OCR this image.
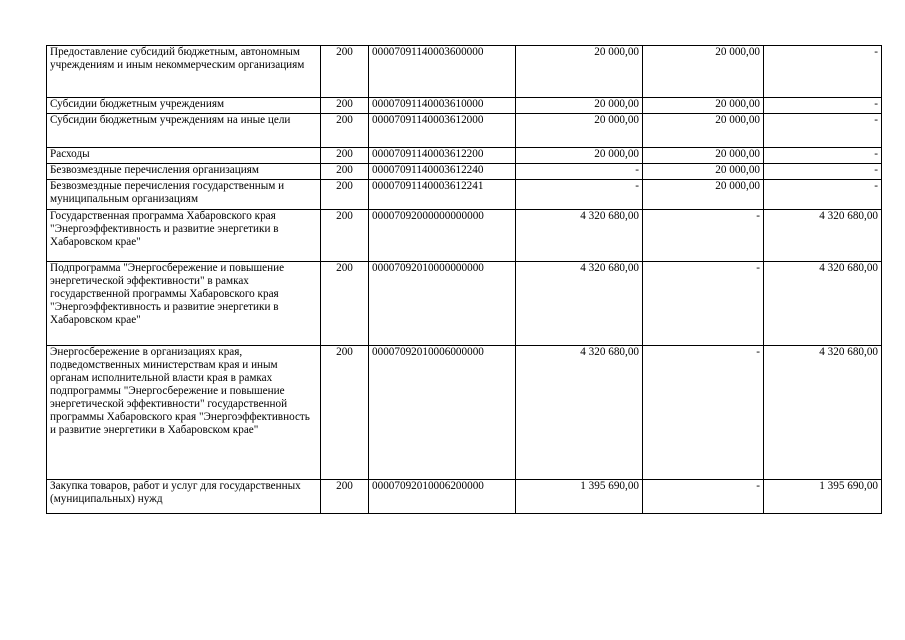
Предоставление субсидий бюджетным, автономным учреждениям и иным некоммерческим организациям	200	00007091140003600000	20 000,00	20 000,00	-
Субсидии бюджетным учреждениям	200	00007091140003610000	20 000,00	20 000,00	-
Субсидии бюджетным учреждениям на иные цели	200	00007091140003612000	20 000,00	20 000,00	-
Расходы	200	00007091140003612200	20 000,00	20 000,00	-
Безвозмездные перечисления организациям	200	00007091140003612240	-	20 000,00	-
Безвозмездные перечисления государственным и муниципальным организациям	200	00007091140003612241	-	20 000,00	-
Государственная программа Хабаровского края "Энергоэффективность и развитие энергетики в Хабаровском крае"	200	00007092000000000000	4 320 680,00	-	4 320 680,00
Подпрограмма "Энергосбережение и повышение энергетической эффективности" в рамках государственной программы Хабаровского края "Энергоэффективность и развитие энергетики в Хабаровском крае"	200	00007092010000000000	4 320 680,00	-	4 320 680,00
Энергосбережение в организациях края, подведомственных министерствам края и иным органам исполнительной власти края в рамках подпрограммы "Энергосбережение и повышение энергетической эффективности" государственной программы Хабаровского края "Энергоэффективность и развитие энергетики в Хабаровском крае"	200	00007092010006000000	4 320 680,00	-	4 320 680,00
Закупка товаров, работ и услуг для государственных (муниципальных) нужд	200	00007092010006200000	1 395 690,00	-	1 395 690,00
